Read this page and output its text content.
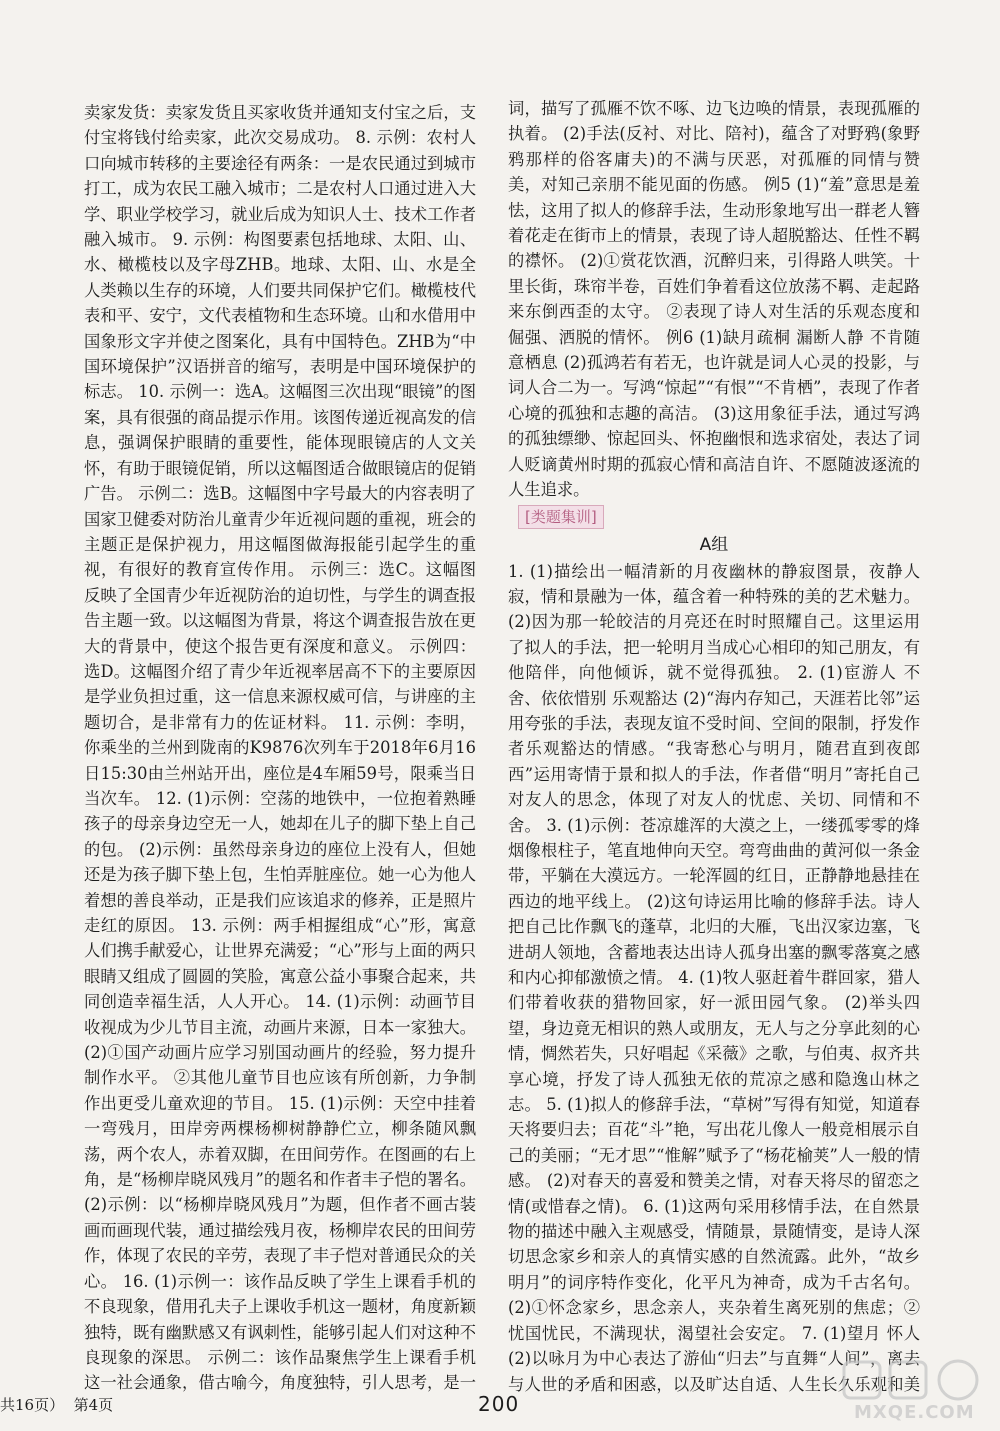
卖家发货：卖家发货且买家收货并通知支付宝之后，支付宝将钱付给卖家，此次交易成功。 8. 示例：农村人口向城市转移的主要途径有两条：一是农民通过到城市打工，成为农民工融入城市；二是农村人口通过进入大学、职业学校学习，就业后成为知识人士、技术工作者融入城市。 9. 示例：构图要素包括地球、太阳、山、水、橄榄枝以及字母ZHB。地球、太阳、山、水是全人类赖以生存的环境，人们要共同保护它们。橄榄枝代表和平、安宁，文代表植物和生态环境。山和水借用中国象形文字并使之图案化，具有中国特色。ZHB为“中国环境保护”汉语拼音的缩写，表明是中国环境保护的标志。 10. 示例一：选A。这幅图三次出现“眼镜”的图案，具有很强的商品提示作用。该图传递近视高发的信息，强调保护眼睛的重要性，能体现眼镜店的人文关怀，有助于眼镜促销，所以这幅图适合做眼镜店的促销广告。 示例二：选B。这幅图中字号最大的内容表明了国家卫健委对防治儿童青少年近视问题的重视，班会的主题正是保护视力，用这幅图做海报能引起学生的重视，有很好的教育宣传作用。 示例三：选C。这幅图反映了全国青少年近视防治的迫切性，与学生的调查报告主题一致。以这幅图为背景，将这个调查报告放在更大的背景中，使这个报告更有深度和意义。 示例四：选D。这幅图介绍了青少年近视率居高不下的主要原因是学业负担过重，这一信息来源权威可信，与讲座的主题切合，是非常有力的佐证材料。 11. 示例：李明，你乘坐的兰州到陇南的K9876次列车于2018年6月16日15:30由兰州站开出，座位是4车厢59号，限乘当日当次车。 12. (1)示例：空荡的地铁中，一位抱着熟睡孩子的母亲身边空无一人，她却在儿子的脚下垫上自己的包。 (2)示例：虽然母亲身边的座位上没有人，但她还是为孩子脚下垫上包，生怕弄脏座位。她一心为他人着想的善良举动，正是我们应该追求的修养，正是照片走红的原因。 13. 示例：两手相握组成“心”形，寓意人们携手献爱心，让世界充满爱；“心”形与上面的两只眼睛又组成了圆圆的笑脸，寓意公益小事聚合起来，共同创造幸福生活，人人开心。 14. (1)示例：动画节目收视成为少儿节目主流，动画片来源，日本一家独大。 (2)①国产动画片应学习别国动画片的经验，努力提升制作水平。 ②其他儿童节目也应该有所创新，力争制作出更受儿童欢迎的节目。 15. (1)示例：天空中挂着一弯残月，田岸旁两棵杨柳树静静伫立，柳条随风飘荡，两个农人，赤着双脚，在田间劳作。在图画的右上角，是“杨柳岸晓风残月”的题名和作者丰子恺的署名。 (2)示例：以“杨柳岸晓风残月”为题，但作者不画古装画而画现代装，通过描绘残月夜，杨柳岸农民的田间劳作，体现了农民的辛劳，表现了丰子恺对普通民众的关心。 16. (1)示例一：该作品反映了学生上课看手机的不良现象，借用孔夫子上课收手机这一题材，角度新颖独特，既有幽默感又有讽刺性，能够引起人们对这种不良现象的深思。 示例二：该作品聚焦学生上课看手机这一社会通象，借古喻今，角度独特，引人思考，是一

词，描写了孤雁不饮不啄、边飞边唤的情景，表现孤雁的执着。 (2)手法(反衬、对比、陪衬)，蕴含了对野鸦(象野鸦那样的俗客庸夫)的不满与厌恶，对孤雁的同情与赞美，对知己亲朋不能见面的伤感。 例5 (1)“羞”意思是羞怯，这用了拟人的修辞手法，生动形象地写出一群老人簪着花走在街市上的情景，表现了诗人超脱豁达、任性不羁的襟怀。 (2)①赏花饮酒，沉醉归来，引得路人哄笑。十里长街，珠帘半卷，百姓们争着看这位放荡不羁、走起路来东倒西歪的太守。 ②表现了诗人对生活的乐观态度和倔强、洒脱的情怀。 例6 (1)缺月疏桐 漏断人静 不肯随意栖息 (2)孤鸿若有若无，也许就是词人心灵的投影，与词人合二为一。写鸿“惊起”“有恨”“不肯栖”，表现了作者心境的孤独和志趣的高洁。 (3)这用象征手法，通过写鸿的孤独缥缈、惊起回头、怀抱幽恨和选求宿处，表达了词人贬谪黄州时期的孤寂心情和高洁自许、不愿随波逐流的人生追求。

[类题集训]
A组

1. (1)描绘出一幅清新的月夜幽林的静寂图景，夜静人寂，情和景融为一体，蕴含着一种特殊的美的艺术魅力。 (2)因为那一轮皎洁的月亮还在时时照耀自己。这里运用了拟人的手法，把一轮明月当成心心相印的知己朋友，有他陪伴，向他倾诉，就不觉得孤独。 2. (1)宦游人 不舍、依依惜别 乐观豁达 (2)“海内存知己，天涯若比邻”运用夸张的手法，表现友谊不受时间、空间的限制，抒发作者乐观豁达的情感。“我寄愁心与明月，随君直到夜郎西”运用寄情于景和拟人的手法，作者借“明月”寄托自己对友人的思念，体现了对友人的忧虑、关切、同情和不舍。 3. (1)示例：苍凉雄浑的大漠之上，一缕孤零零的烽烟像根柱子，笔直地伸向天空。弯弯曲曲的黄河似一条金带，平躺在大漠远方。一轮浑圆的红日，正静静地悬挂在西边的地平线上。 (2)这句诗运用比喻的修辞手法。诗人把自己比作飘飞的蓬草，北归的大雁，飞出汉家边塞，飞进胡人领地，含蓄地表达出诗人孤身出塞的飘零落寞之感和内心抑郁激愤之情。 4. (1)牧人驱赶着牛群回家，猎人们带着收获的猎物回家，好一派田园气象。 (2)举头四望，身边竟无相识的熟人或朋友，无人与之分享此刻的心情，惆然若失，只好唱起《采薇》之歌，与伯夷、叔齐共享心境，抒发了诗人孤独无依的荒凉之感和隐逸山林之志。 5. (1)拟人的修辞手法，“草树”写得有知觉，知道春天将要归去；百花“斗”艳，写出花儿像人一般竞相展示自己的美丽；“无才思”“惟解”赋予了“杨花榆荚”人一般的情感。 (2)对春天的喜爱和赞美之情，对春天将尽的留恋之情(或惜春之情)。 6. (1)这两句采用移情手法，在自然景物的描述中融入主观感受，情随景，景随情变，是诗人深切思念家乡和亲人的真情实感的自然流露。此外，“故乡明月”的词序特作变化，化平凡为神奇，成为千古名句。 (2)①怀念家乡，思念亲人，夹杂着生离死别的焦虑；②忧国忧民，不满现状，渴望社会安定。 7. (1)望月 怀人 (2)以咏月为中心表达了游仙“归去”与直舞“人间”，离去与人世的矛盾和困惑，以及旷达自适、人生长久乐观和美

共16页）  第4页	200	MXQE.COM
